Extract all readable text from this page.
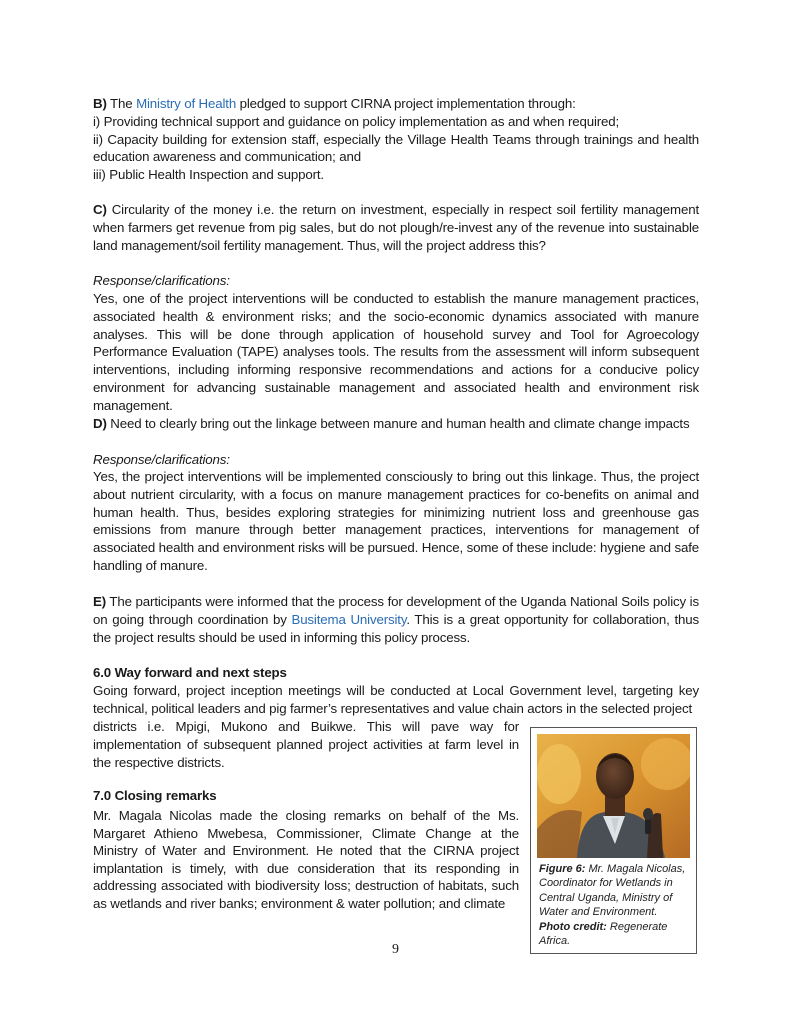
B) The Ministry of Health pledged to support CIRNA project implementation through:
i) Providing technical support and guidance on policy implementation as and when required;
ii) Capacity building for extension staff, especially the Village Health Teams through trainings and health education awareness and communication; and
iii) Public Health Inspection and support.
C) Circularity of the money i.e. the return on investment, especially in respect soil fertility management when farmers get revenue from pig sales, but do not plough/re-invest any of the revenue into sustainable land management/soil fertility management. Thus, will the project address this?
Response/clarifications:
Yes, one of the project interventions will be conducted to establish the manure management practices, associated health & environment risks; and the socio-economic dynamics associated with manure analyses. This will be done through application of household survey and Tool for Agroecology Performance Evaluation (TAPE) analyses tools. The results from the assessment will inform subsequent interventions, including informing responsive recommendations and actions for a conducive policy environment for advancing sustainable management and associated health and environment risk management.
D) Need to clearly bring out the linkage between manure and human health and climate change impacts
Response/clarifications:
Yes, the project interventions will be implemented consciously to bring out this linkage. Thus, the project about nutrient circularity, with a focus on manure management practices for co-benefits on animal and human health. Thus, besides exploring strategies for minimizing nutrient loss and greenhouse gas emissions from manure through better management practices, interventions for management of associated health and environment risks will be pursued. Hence, some of these include: hygiene and safe handling of manure.
E) The participants were informed that the process for development of the Uganda National Soils policy is on going through coordination by Busitema University. This is a great opportunity for collaboration, thus the project results should be used in informing this policy process.
6.0 Way forward and next steps
Going forward, project inception meetings will be conducted at Local Government level, targeting key technical, political leaders and pig farmer’s representatives and value chain actors in the selected project
districts i.e. Mpigi, Mukono and Buikwe. This will pave way for implementation of subsequent planned project activities at farm level in the respective districts.
7.0 Closing remarks
Mr. Magala Nicolas made the closing remarks on behalf of the Ms. Margaret Athieno Mwebesa, Commissioner, Climate Change at the Ministry of Water and Environment. He noted that the CIRNA project implantation is timely, with due consideration that its responding in addressing associated with biodiversity loss; destruction of habitats, such as wetlands and river banks; environment & water pollution; and climate
Figure 6: Mr. Magala Nicolas, Coordinator for Wetlands in Central Uganda, Ministry of Water and Environment. Photo credit: Regenerate Africa.
9
